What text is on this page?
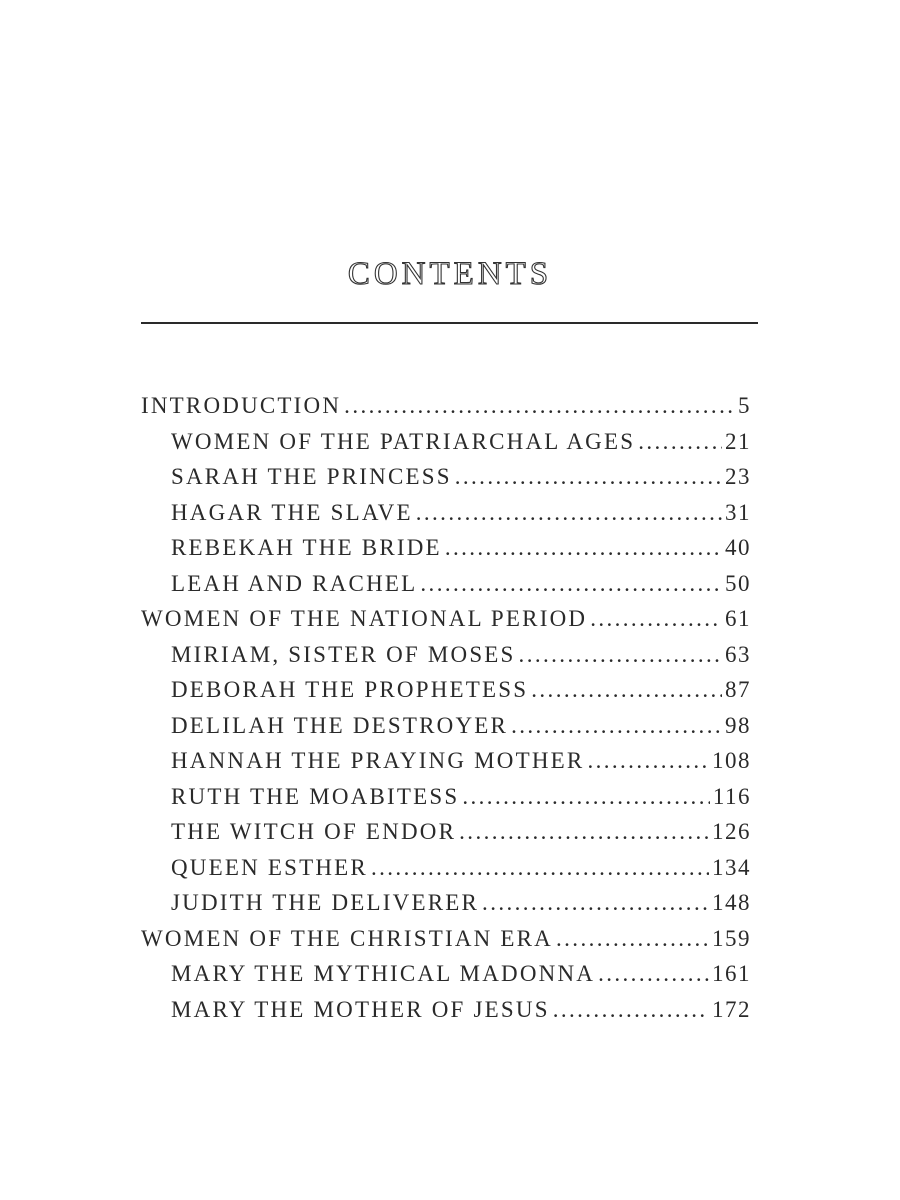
CONTENTS
INTRODUCTION .....	5
WOMEN OF THE PATRIARCHAL AGES .....	21
SARAH THE PRINCESS .....	23
HAGAR THE SLAVE .....	31
REBEKAH THE BRIDE .....	40
LEAH AND RACHEL .....	50
WOMEN OF THE NATIONAL PERIOD .....	61
MIRIAM, SISTER OF MOSES .....	63
DEBORAH THE PROPHETESS .....	87
DELILAH THE DESTROYER .....	98
HANNAH THE PRAYING MOTHER .....	108
RUTH THE MOABITESS .....	116
THE WITCH OF ENDOR .....	126
QUEEN ESTHER .....	134
JUDITH THE DELIVERER .....	148
WOMEN OF THE CHRISTIAN ERA .....	159
MARY THE MYTHICAL MADONNA .....	161
MARY THE MOTHER OF JESUS .....	172
